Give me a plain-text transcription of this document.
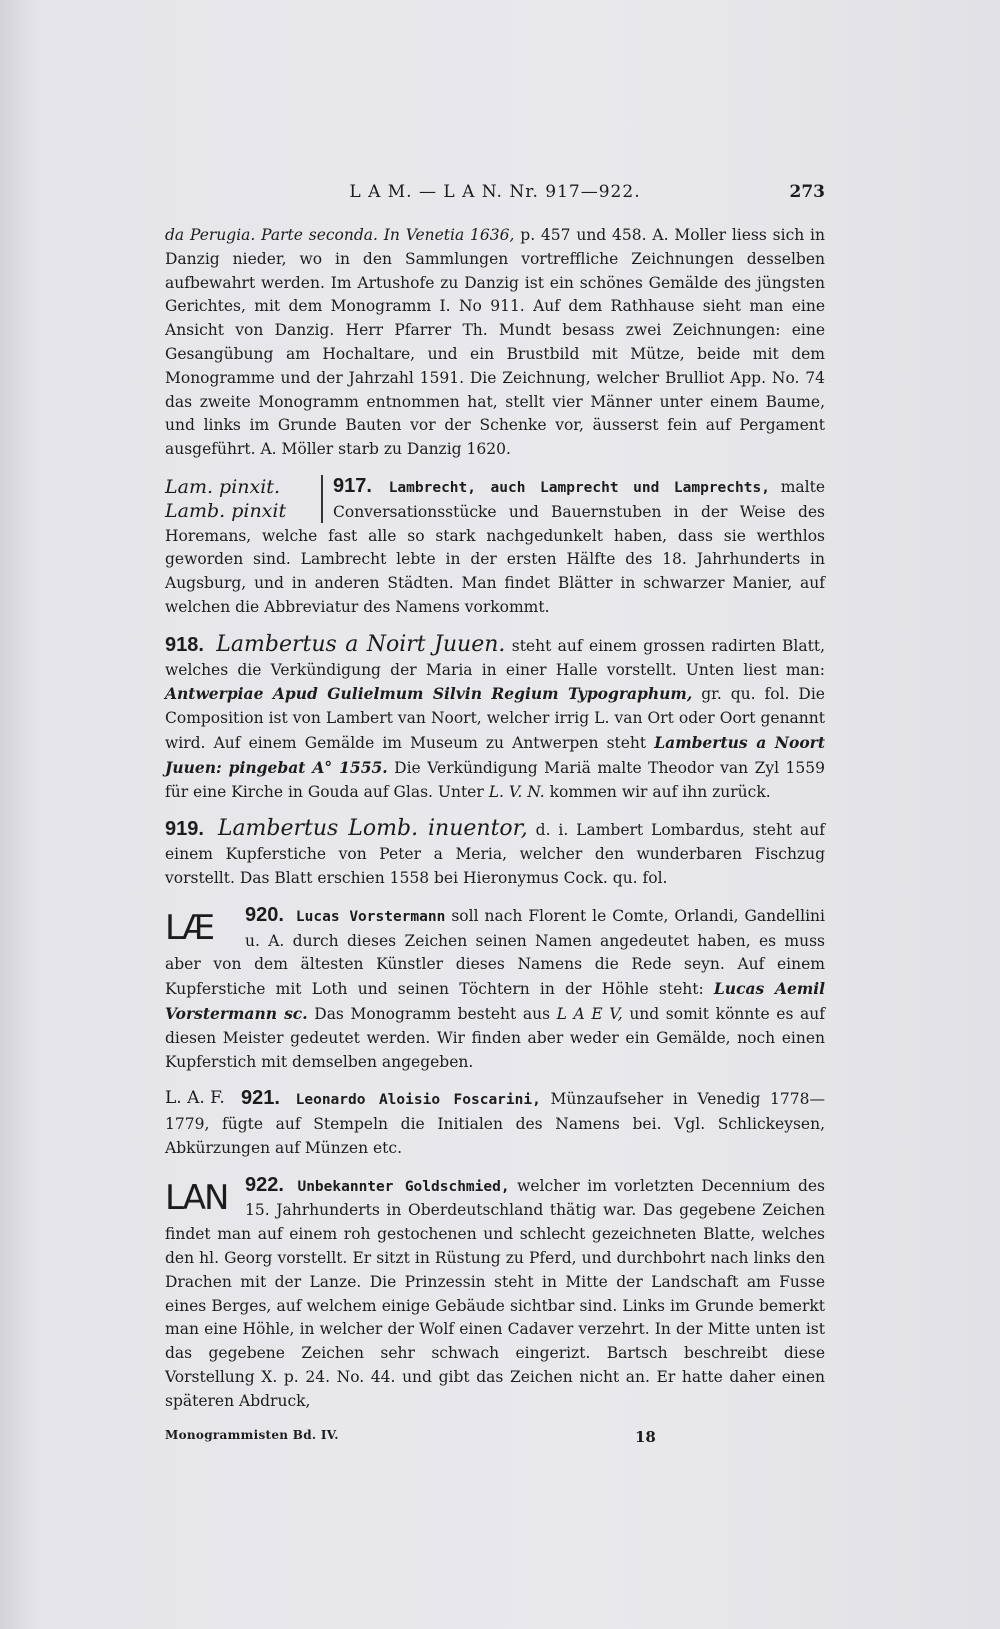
L A M. — L A N. Nr. 917—922.	273

da Perugia. Parte seconda. In Venetia 1636, p. 457 und 458. A. Moller liess sich in Danzig nieder, wo in den Sammlungen vortreffliche Zeichnungen desselben aufbewahrt werden. Im Artushofe zu Danzig ist ein schönes Gemälde des jüngsten Gerichtes, mit dem Monogramm I. No 911. Auf dem Rathhause sieht man eine Ansicht von Danzig. Herr Pfarrer Th. Mundt besass zwei Zeichnungen: eine Gesangübung am Hochaltare, und ein Brustbild mit Mütze, beide mit dem Monogramme und der Jahrzahl 1591. Die Zeichnung, welcher Brulliot App. No. 74 das zweite Monogramm entnommen hat, stellt vier Männer unter einem Baume, und links im Grunde Bauten vor der Schenke vor, äusserst fein auf Pergament ausgeführt. A. Möller starb zu Danzig 1620.

917. Lambrecht, auch Lamprecht und Lamprechts,
Lam. pinxit.
Lamb. pinxit
malte Conversationsstücke und Bauernstuben in der Weise des Horemans, welche fast alle so stark nachgedunkelt haben, dass sie werthlos geworden sind. Lambrecht lebte in der ersten Hälfte des 18. Jahrhunderts in Augsburg, und in anderen Städten. Man findet Blätter in schwarzer Manier, auf welchen die Abbreviatur des Namens vorkommt.

918. Lambertus a Noirt Juuen. steht auf einem grossen radirten Blatt, welches die Verkündigung der Maria in einer Halle vorstellt. Unten liest man: Antwerpiae Apud Gulielmum Silvin Regium Typographum, gr. qu. fol. Die Composition ist von Lambert van Noort, welcher irrig L. van Ort oder Oort genannt wird. Auf einem Gemälde im Museum zu Antwerpen steht Lambertus a Noort Juuen: pingebat A° 1555. Die Verkündigung Mariä malte Theodor van Zyl 1559 für eine Kirche in Gouda auf Glas. Unter L. V. N. kommen wir auf ihn zurück.

919. Lambertus Lomb. inuentor, d. i. Lambert Lombardus, steht auf einem Kupferstiche von Peter a Meria, welcher den wunderbaren Fischzug vorstellt. Das Blatt erschien 1558 bei Hieronymus Cock. qu. fol.

920. Lucas Vorstermann
LÆ	soll nach Florent le Comte, Orlandi, Gandellini u. A. durch dieses Zeichen seinen Namen angedeutet haben, es muss aber von dem ältesten Künstler dieses Namens die Rede seyn. Auf einem Kupferstiche mit Loth und seinen Töchtern in der Höhle steht: Lucas Aemil Vorstermann sc. Das Monogramm besteht aus L A E V, und somit könnte es auf diesen Meister gedeutet werden. Wir finden aber weder ein Gemälde, noch einen Kupferstich mit demselben angegeben.

921. Leonardo Aloisio Foscarini,
L. A. F.	Münzaufseher in Venedig 1778—1779, fügte auf Stempeln die Initialen des Namens bei. Vgl. Schlickeysen, Abkürzungen auf Münzen etc.

922. Unbekannter Goldschmied,
LAN	welcher im vorletzten Decennium des 15. Jahrhunderts in Oberdeutschland thätig war. Das gegebene Zeichen findet man auf einem roh gestochenen und schlecht gezeichneten Blatte, welches den hl. Georg vorstellt. Er sitzt in Rüstung zu Pferd, und durchbohrt nach links den Drachen mit der Lanze. Die Prinzessin steht in Mitte der Landschaft am Fusse eines Berges, auf welchem einige Gebäude sichtbar sind. Links im Grunde bemerkt man eine Höhle, in welcher der Wolf einen Cadaver verzehrt. In der Mitte unten ist das gegebene Zeichen sehr schwach eingerizt. Bartsch beschreibt diese Vorstellung X. p. 24. No. 44. und gibt das Zeichen nicht an. Er hatte daher einen späteren Abdruck,

Monogrammisten Bd. IV.	18
